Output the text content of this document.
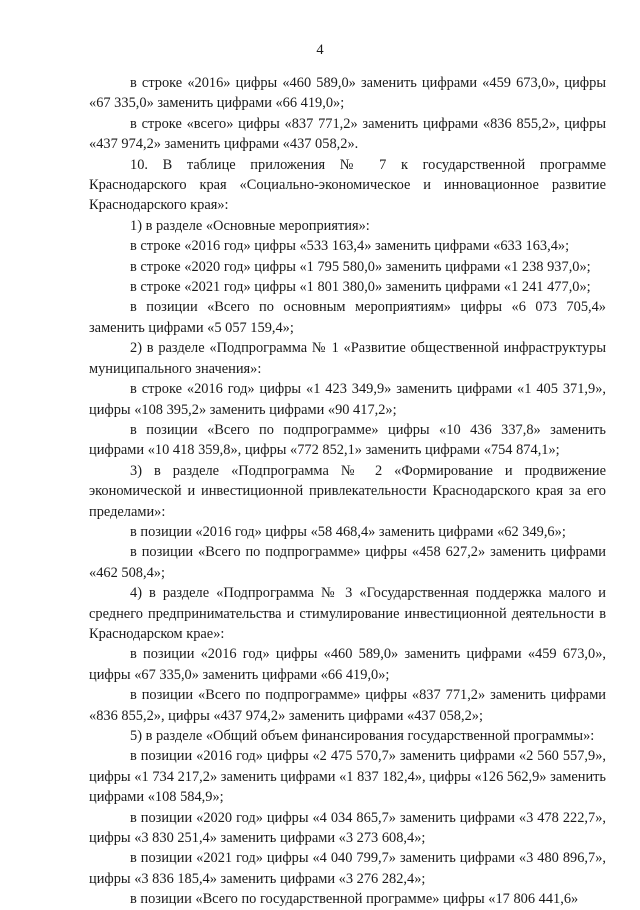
4

в строке «2016» цифры «460 589,0» заменить цифрами «459 673,0», цифры «67 335,0» заменить цифрами «66 419,0»;

в строке «всего» цифры «837 771,2» заменить цифрами «836 855,2», цифры «437 974,2» заменить цифрами «437 058,2».

10. В таблице приложения № 7 к государственной программе Краснодарского края «Социально-экономическое и инновационное развитие Краснодарского края»:

1) в разделе «Основные мероприятия»:

в строке «2016 год» цифры «533 163,4» заменить цифрами «633 163,4»;

в строке «2020 год» цифры «1 795 580,0» заменить цифрами «1 238 937,0»;

в строке «2021 год» цифры «1 801 380,0» заменить цифрами «1 241 477,0»;

в позиции «Всего по основным мероприятиям» цифры «6 073 705,4» заменить цифрами «5 057 159,4»;

2) в разделе «Подпрограмма № 1 «Развитие общественной инфраструктуры муниципального значения»:

в строке «2016 год» цифры «1 423 349,9» заменить цифрами «1 405 371,9», цифры «108 395,2» заменить цифрами «90 417,2»;

в позиции «Всего по подпрограмме» цифры «10 436 337,8» заменить цифрами «10 418 359,8», цифры «772 852,1» заменить цифрами «754 874,1»;

3) в разделе «Подпрограмма № 2 «Формирование и продвижение экономической и инвестиционной привлекательности Краснодарского края за его пределами»:

в позиции «2016 год» цифры «58 468,4» заменить цифрами «62 349,6»;

в позиции «Всего по подпрограмме» цифры «458 627,2» заменить цифрами «462 508,4»;

4) в разделе «Подпрограмма № 3 «Государственная поддержка малого и среднего предпринимательства и стимулирование инвестиционной деятельности в Краснодарском крае»:

в позиции «2016 год» цифры «460 589,0» заменить цифрами «459 673,0», цифры «67 335,0» заменить цифрами «66 419,0»;

в позиции «Всего по подпрограмме» цифры «837 771,2» заменить цифрами «836 855,2», цифры «437 974,2» заменить цифрами «437 058,2»;

5) в разделе «Общий объем финансирования государственной программы»:

в позиции «2016 год» цифры «2 475 570,7» заменить цифрами «2 560 557,9», цифры «1 734 217,2» заменить цифрами «1 837 182,4», цифры «126 562,9» заменить цифрами «108 584,9»;

в позиции «2020 год» цифры «4 034 865,7» заменить цифрами «3 478 222,7», цифры «3 830 251,4» заменить цифрами «3 273 608,4»;

в позиции «2021 год» цифры «4 040 799,7» заменить цифрами «3 480 896,7», цифры «3 836 185,4» заменить цифрами «3 276 282,4»;

в позиции «Всего по государственной программе» цифры «17 806 441,6»
